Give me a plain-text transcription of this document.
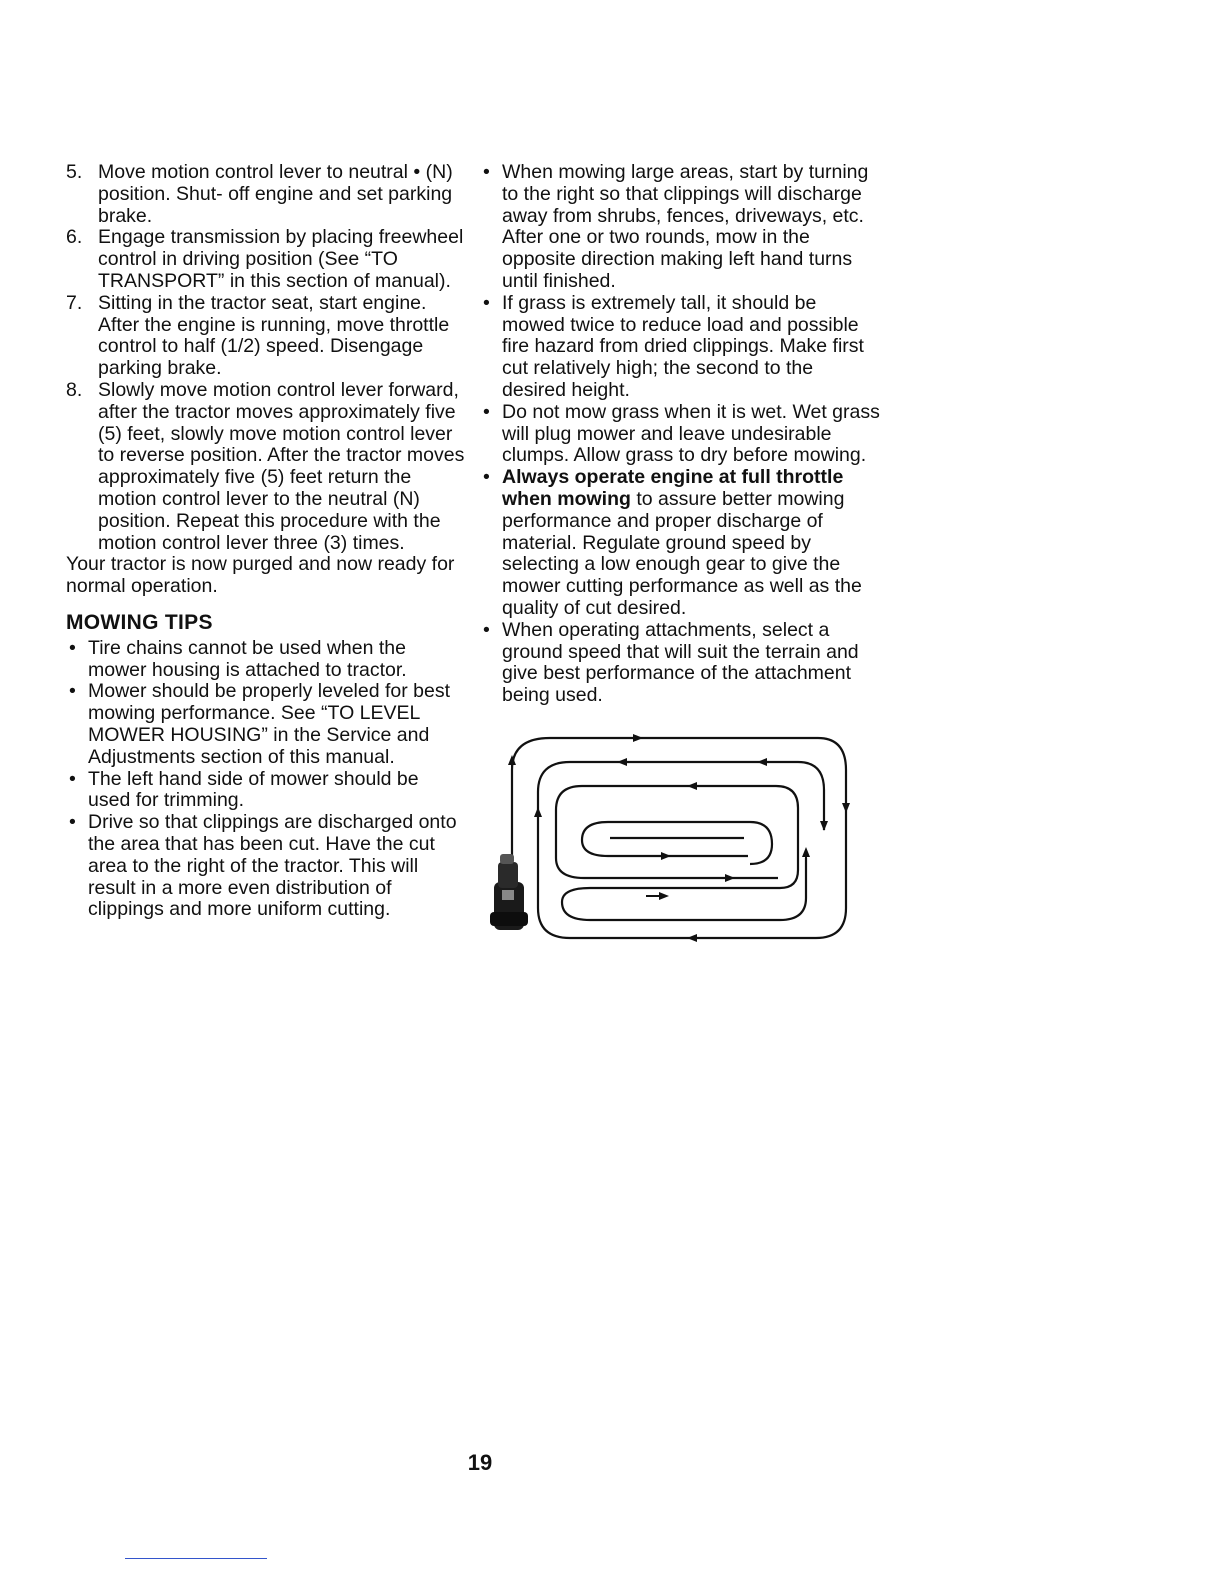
5. Move motion control lever to neutral • (N) position. Shut- off engine and set parking brake.
6. Engage transmission by placing freewheel control in driving position (See “TO TRANSPORT” in this section of manual).
7. Sitting in the tractor seat, start engine. After the engine is running, move throttle control to half (1/2) speed. Disengage parking brake.
8. Slowly move motion control lever forward, after the tractor moves approximately five (5) feet, slowly move motion control lever to reverse position. After the tractor moves approximately five (5) feet return the motion control lever to the neutral (N) position. Repeat this procedure with the motion control lever three (3) times.
Your tractor is now purged and now ready for normal operation.
MOWING TIPS
• Tire chains cannot be used when the mower housing is attached to tractor.
• Mower should be properly leveled for best mowing performance. See “TO LEVEL MOWER HOUSING” in the Service and Adjustments section of this manual.
• The left hand side of mower should be used for trimming.
• Drive so that clippings are discharged onto the area that has been cut. Have the cut area to the right of the tractor. This will result in a more even distribution of clippings and more uniform cutting.
• When mowing large areas, start by turning to the right so that clippings will discharge away from shrubs, fences, driveways, etc. After one or two rounds, mow in the opposite direction making left hand turns until finished.
• If grass is extremely tall, it should be mowed twice to reduce load and possible fire hazard from dried clippings. Make first cut relatively high; the second to the desired height.
• Do not mow grass when it is wet. Wet grass will plug mower and leave undesirable clumps. Allow grass to dry before mowing.
• Always operate engine at full throttle when mowing to assure better mowing performance and proper discharge of material. Regulate ground speed by selecting a low enough gear to give the mower cutting performance as well as the quality of cut desired.
• When operating attachments, select a ground speed that will suit the terrain and give best performance of the attachment being used.
19
